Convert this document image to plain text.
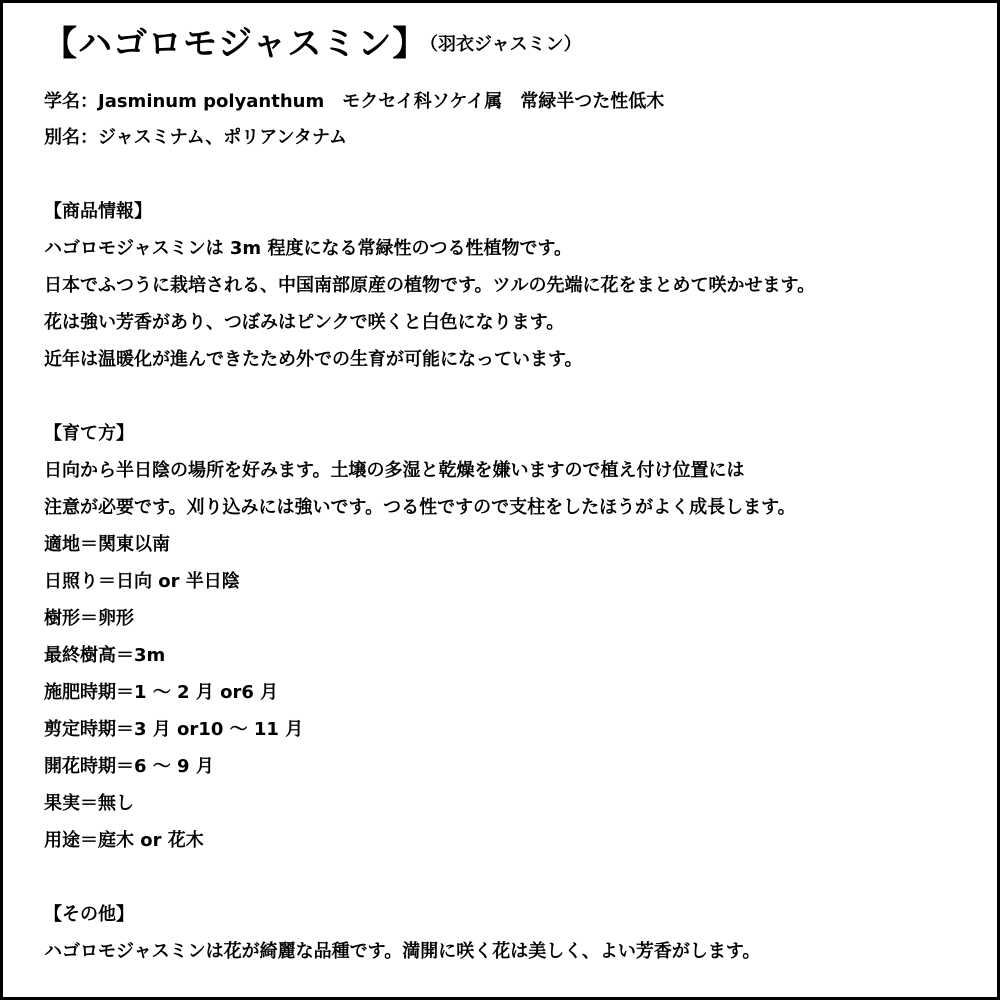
【ハゴロモジャスミン】
（羽衣ジャスミン）
学名：Jasminum polyanthum　モクセイ科ソケイ属　常緑半つた性低木
別名：ジャスミナム、ポリアンタナム
【商品情報】
ハゴロモジャスミンは 3m 程度になる常緑性のつる性植物です。
日本でふつうに栽培される、中国南部原産の植物です。ツルの先端に花をまとめて咲かせます。
花は強い芳香があり、つぼみはピンクで咲くと白色になります。
近年は温暖化が進んできたため外での生育が可能になっています。
【育て方】
日向から半日陰の場所を好みます。土壌の多湿と乾燥を嫌いますので植え付け位置には
注意が必要です。刈り込みには強いです。つる性ですので支柱をしたほうがよく成長します。
適地＝関東以南
日照り＝日向 or 半日陰
樹形＝卵形
最終樹高＝3m
施肥時期＝1 ～ 2 月 or6 月
剪定時期＝3 月 or10 ～ 11 月
開花時期＝6 ～ 9 月
果実＝無し
用途＝庭木 or 花木
【その他】
ハゴロモジャスミンは花が綺麗な品種です。満開に咲く花は美しく、よい芳香がします。
